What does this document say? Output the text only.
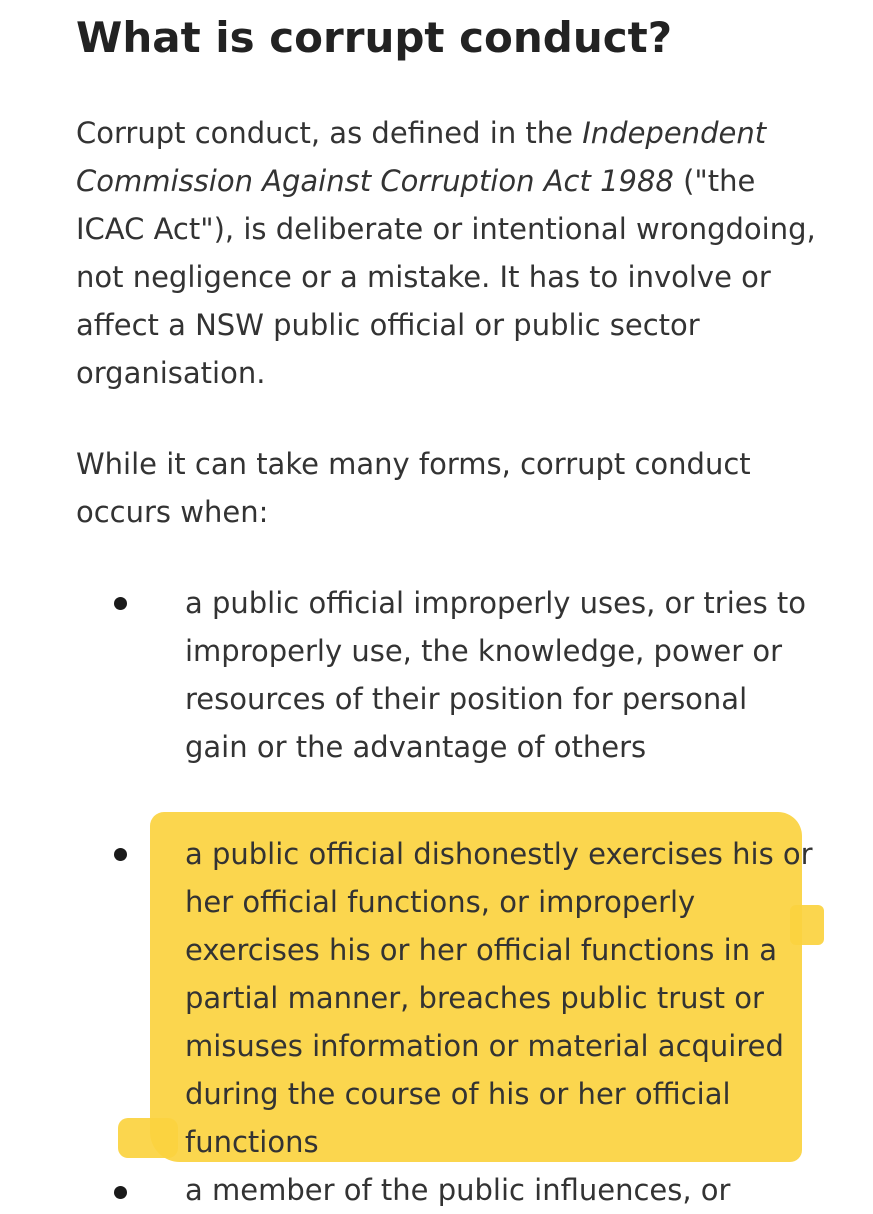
What is corrupt conduct?

Corrupt conduct, as defined in the Independent Commission Against Corruption Act 1988 ("the ICAC Act"), is deliberate or intentional wrongdoing, not negligence or a mistake. It has to involve or affect a NSW public official or public sector organisation.

While it can take many forms, corrupt conduct occurs when:

a public official improperly uses, or tries to improperly use, the knowledge, power or resources of their position for personal gain or the advantage of others

a public official dishonestly exercises his or her official functions, or improperly exercises his or her official functions in a partial manner, breaches public trust or misuses information or material acquired during the course of his or her official functions

a member of the public influences, or
